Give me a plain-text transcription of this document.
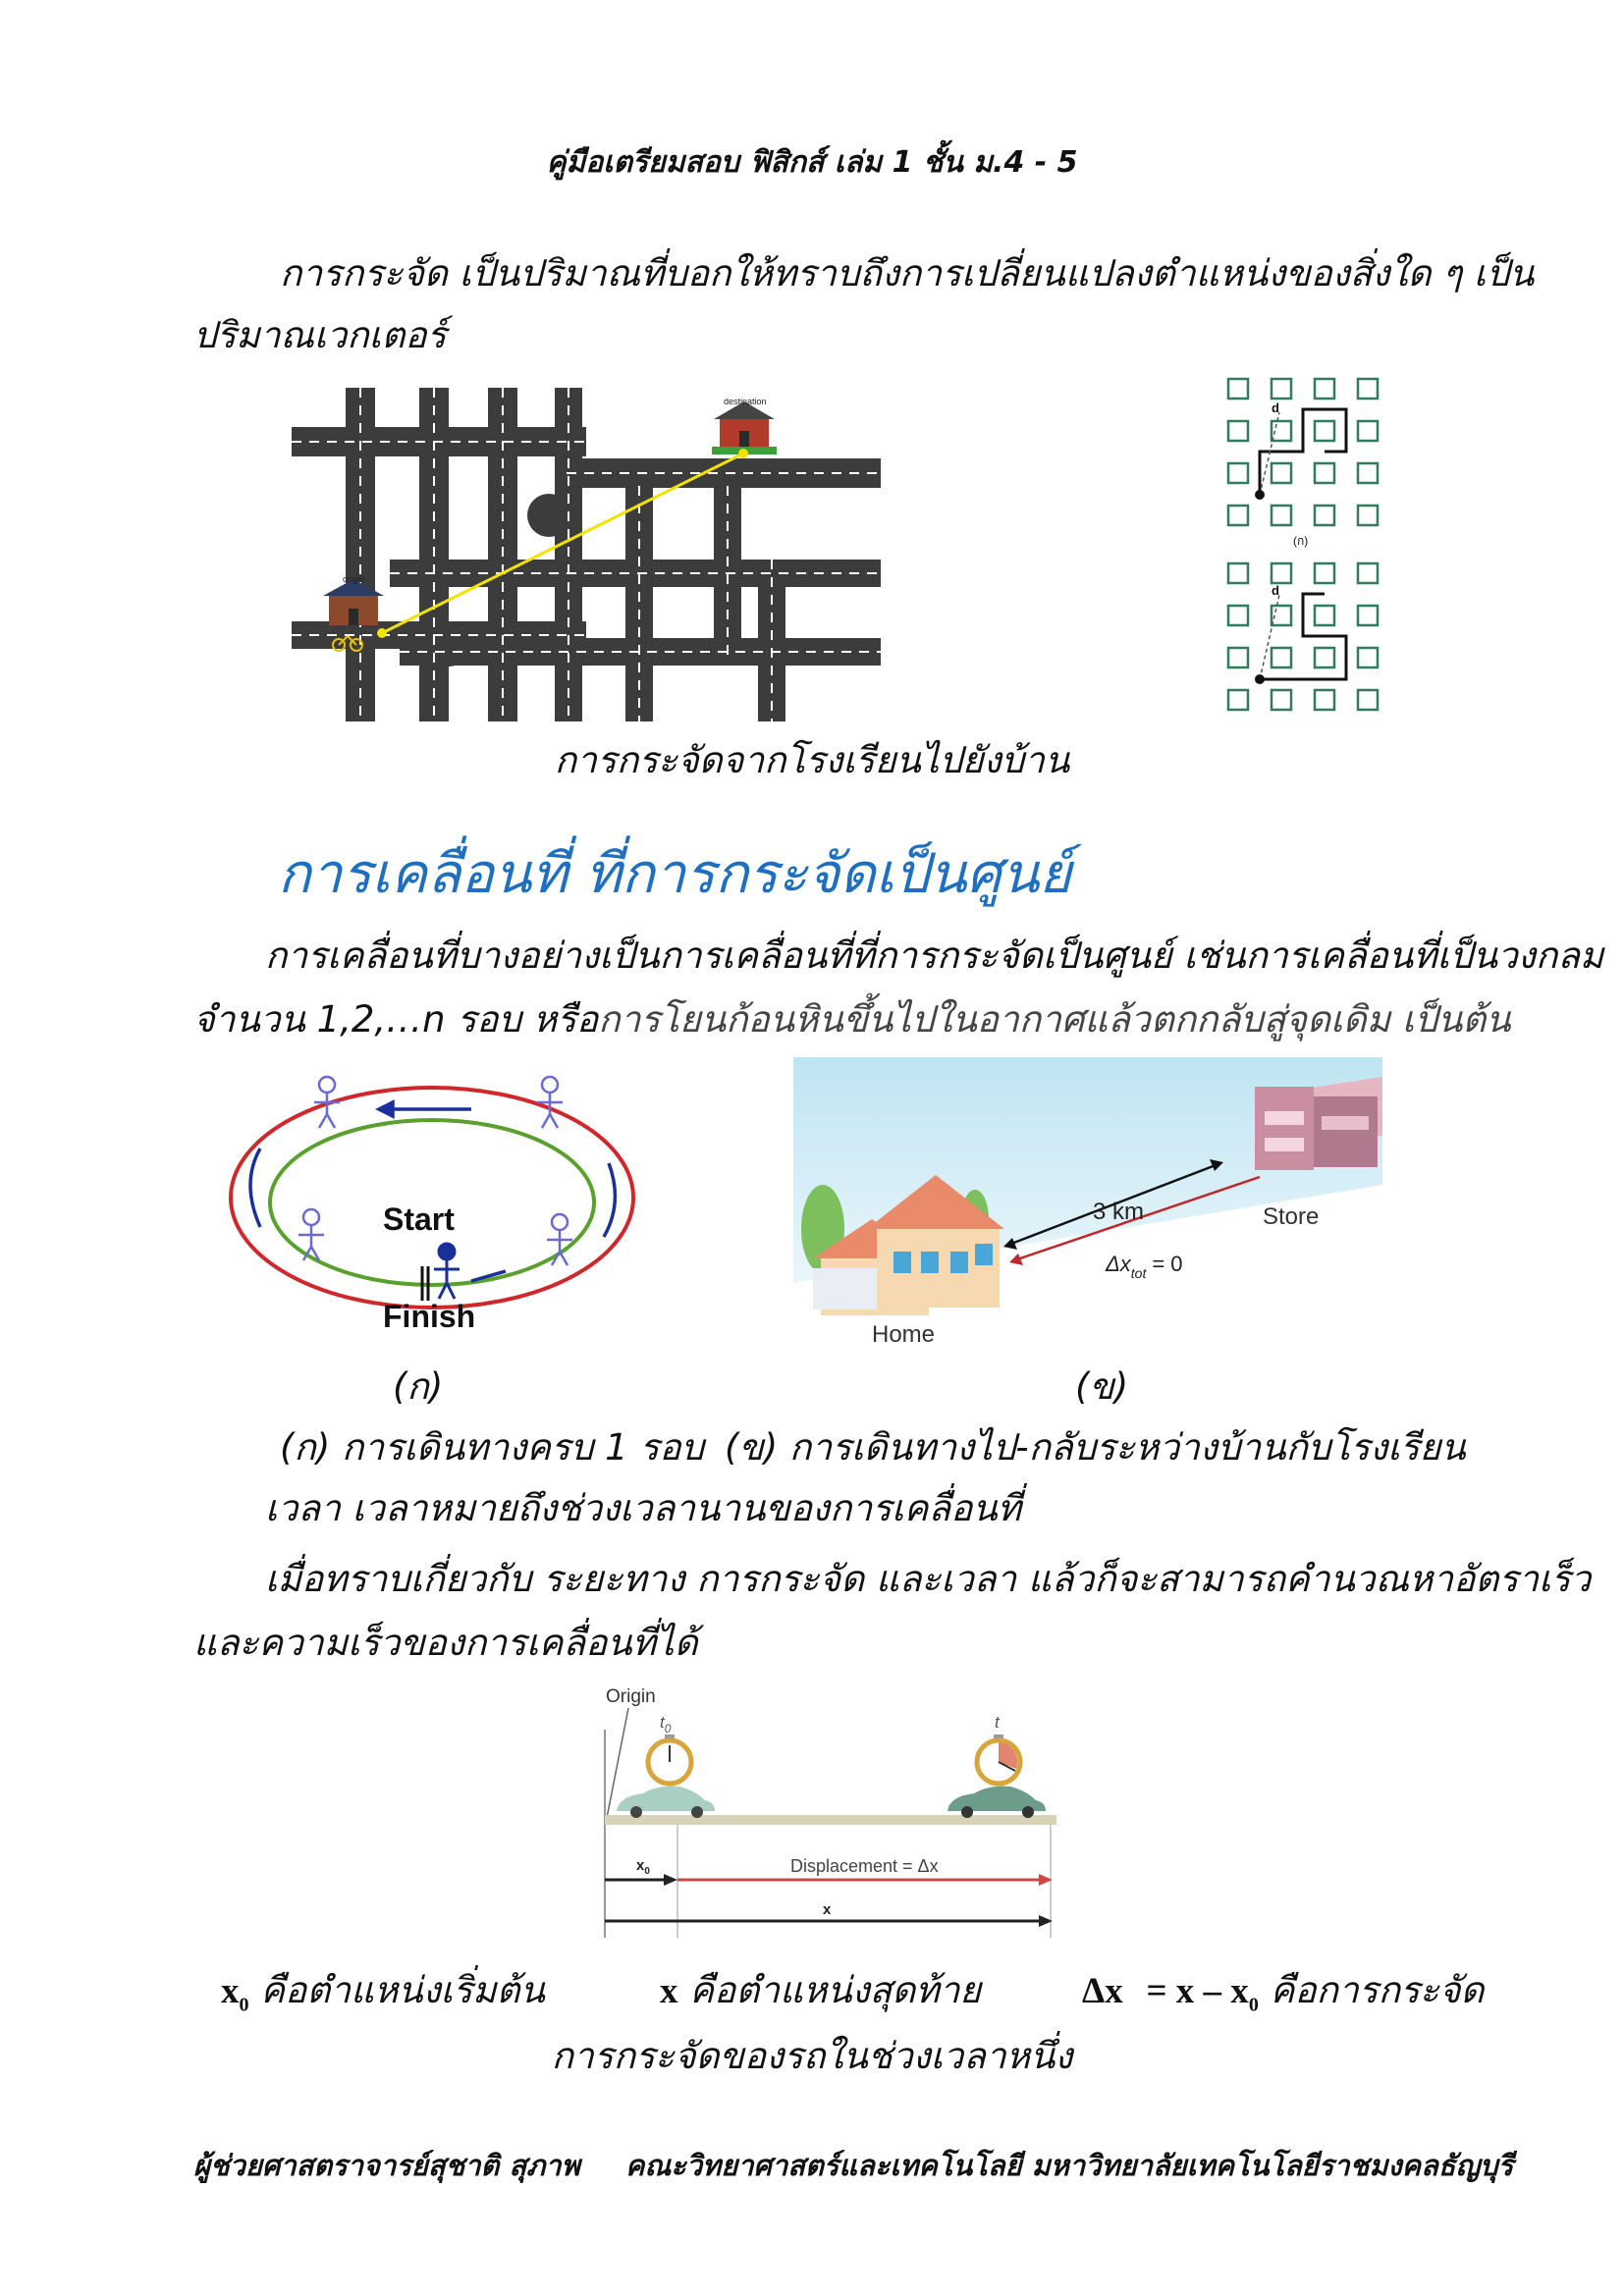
คู่มือเตรียมสอบ ฟิสิกส์ เล่ม 1 ชั้น ม.4 - 5
การกระจัด เป็นปริมาณที่บอกให้ทราบถึงการเปลี่ยนแปลงตำแหน่งของสิ่งใด ๆ เป็น
ปริมาณเวกเตอร์
origin
destination	d
d
(ก)
การกระจัดจากโรงเรียนไปยังบ้าน
การเคลื่อนที่ ที่การกระจัดเป็นศูนย์
การเคลื่อนที่บางอย่างเป็นการเคลื่อนที่ที่การกระจัดเป็นศูนย์ เช่นการเคลื่อนที่เป็นวงกลม
จำนวน 1,2,…n รอบ หรือการโยนก้อนหินขึ้นไปในอากาศแล้วตกกลับสู่จุดเดิม เป็นต้น
Start
Finish
(ก)
3 km	Store
Home
$\Delta x_{tot} = 0$
(ข)
(ก) การเดินทางครบ 1 รอบ (ข) การเดินทางไป-กลับระหว่างบ้านกับโรงเรียน
เวลา เวลาหมายถึงช่วงเวลานานของการเคลื่อนที่
เมื่อทราบเกี่ยวกับ ระยะทาง การกระจัด และเวลา แล้วก็จะสามารถคำนวณหาอัตราเร็ว
และความเร็วของการเคลื่อนที่ได้
Origin
$t_0$	t
$x_0$	Displacement = Δx
x
$x_0$ คือตำแหน่งเริ่มต้น	x คือตำแหน่งสุดท้าย	$\Delta x = x - x_0$ คือการกระจัด
การกระจัดของรถในช่วงเวลาหนึ่ง
ผู้ช่วยศาสตราจารย์สุชาติ สุภาพ คณะวิทยาศาสตร์และเทคโนโลยี มหาวิทยาลัยเทคโนโลยีราชมงคลธัญบุรี
